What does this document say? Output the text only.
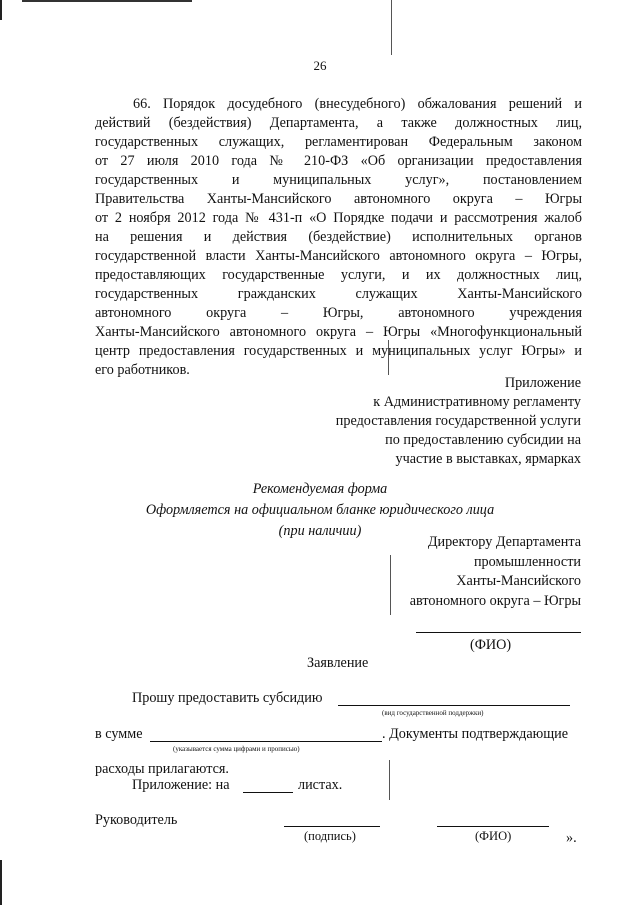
26
66. Порядок досудебного (внесудебного) обжалования решений и
действий (бездействия) Департамента, а также должностных лиц,
государственных служащих, регламентирован Федеральным законом
от 27 июля 2010 года № 210-ФЗ «Об организации предоставления
государственных и муниципальных услуг», постановлением
Правительства Ханты-Мансийского автономного округа – Югры
от 2 ноября 2012 года № 431-п «О Порядке подачи и рассмотрения жалоб
на решения и действия (бездействие) исполнительных органов
государственной власти Ханты-Мансийского автономного округа – Югры,
предоставляющих государственные услуги, и их должностных лиц,
государственных гражданских служащих Ханты-Мансийского
автономного округа – Югры, автономного учреждения
Ханты-Мансийского автономного округа – Югры «Многофункциональный
центр предоставления государственных и муниципальных услуг Югры» и
его работников.
Приложение
к Административному регламенту
предоставления государственной услуги
по предоставлению субсидии на
участие в выставках, ярмарках
Рекомендуемая форма
Оформляется на официальном бланке юридического лица
(при наличии)
Директору Департамента
промышленности
Ханты-Мансийского
автономного округа – Югры
(ФИО)
Заявление
Прошу предоставить субсидию
(вид государственной поддержки)
в сумме
(указывается сумма цифрами и прописью)
. Документы подтверждающие
расходы прилагаются.
Приложение: на	листах.
Руководитель
(подпись)	(ФИО)	».
